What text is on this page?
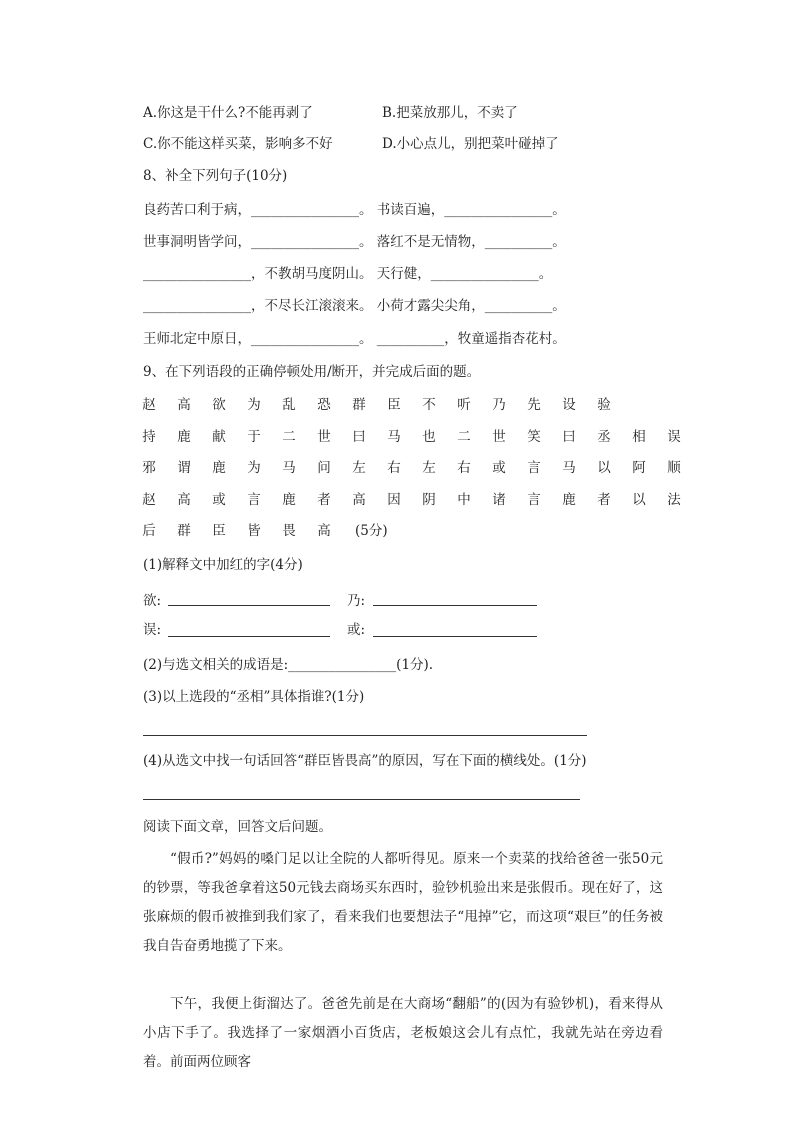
A.你这是干什么?不能再剥了	B.把菜放那儿，不卖了
C.你不能这样买菜，影响多不好	D.小心点儿，别把菜叶碰掉了
8、补全下列句子(10分)
良药苦口利于病，________________。 书读百遍，________________。
世事洞明皆学问，________________。 落红不是无情物，__________。
________________，不教胡马度阴山。 天行健，________________。
________________，不尽长江滚滚来。 小荷才露尖尖角，__________。
王师北定中原日，________________。 __________，牧童遥指杏花村。
9、在下列语段的正确停顿处用/断开，并完成后面的题。
赵 高 欲 为 乱 恐 群 臣 不 听 乃 先 设 验
持 鹿 献 于 二 世 曰 马 也 二 世 笑 曰 丞 相 误
邪 谓 鹿 为 马 问 左 右 左 右 或 言 马 以 阿 顺
赵 高 或 言 鹿 者 高 因 阴 中 诸 言 鹿 者 以 法
后 群 臣 皆 畏 高 (5分)
(1)解释文中加红的字(4分)
欲:	乃:
误:	或:
(2)与选文相关的成语是:________________(1分).
(3)以上选段的“丞相”具体指谁?(1分)
(4)从选文中找一句话回答“群臣皆畏高”的原因，写在下面的横线处。(1分)
阅读下面文章，回答文后问题。
“假币?”妈妈的嗓门足以让全院的人都听得见。原来一个卖菜的找给爸爸一张50元的钞票，等我爸拿着这50元钱去商场买东西时，验钞机验出来是张假币。现在好了，这张麻烦的假币被推到我们家了，看来我们也要想法子“甩掉”它，而这项“艰巨”的任务被我自告奋勇地揽了下来。
下午，我便上街溜达了。爸爸先前是在大商场“翻船”的(因为有验钞机)，看来得从小店下手了。我选择了一家烟酒小百货店，老板娘这会儿有点忙，我就先站在旁边看着。前面两位顾客
